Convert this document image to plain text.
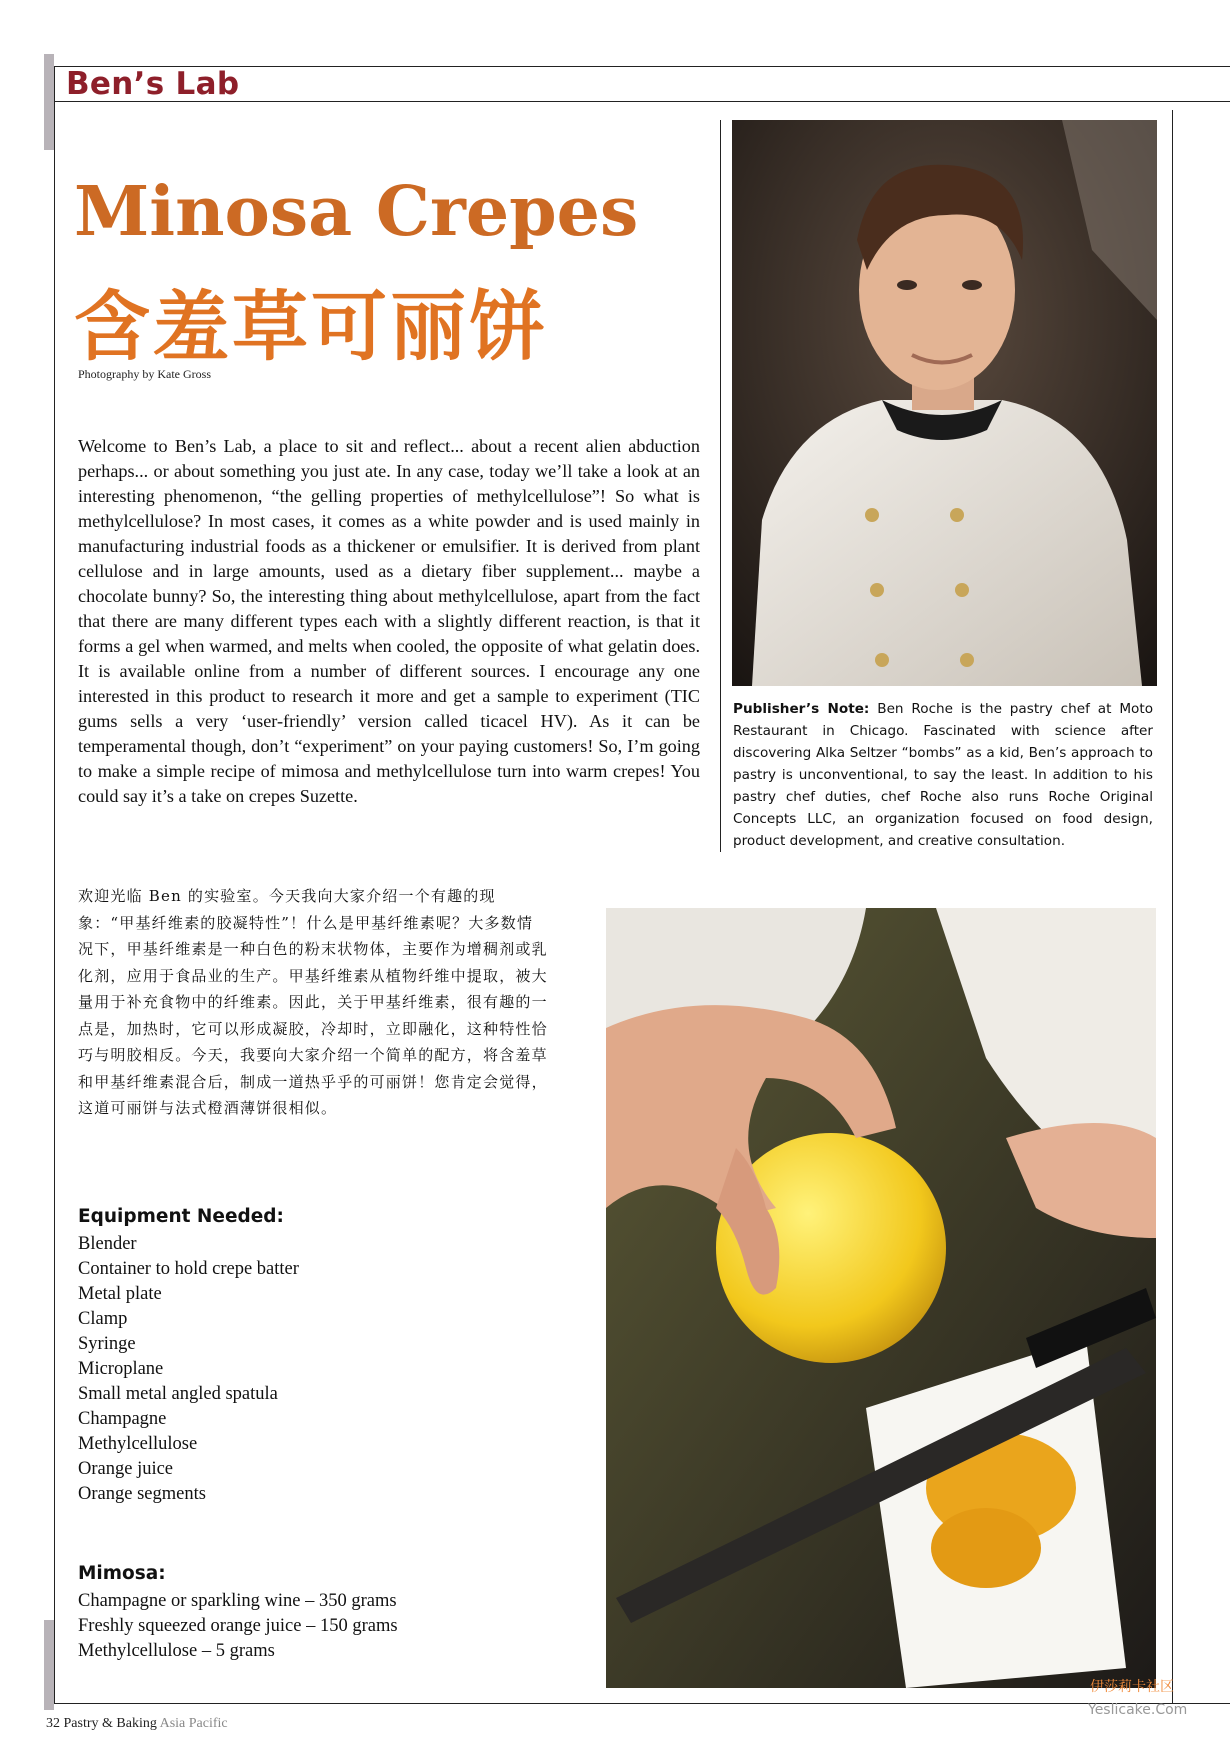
Ben’s Lab
Minosa Crepes
含羞草可丽饼
Photography by Kate Gross
Welcome to Ben’s Lab, a place to sit and reflect... about a recent alien abduction perhaps... or about something you just ate. In any case, today we’ll take a look at an interesting phenomenon, “the gelling properties of methylcellulose”! So what is methylcellulose? In most cases, it comes as a white powder and is used mainly in manufacturing industrial foods as a thickener or emulsifier. It is derived from plant cellulose and in large amounts, used as a dietary fiber supplement... maybe a chocolate bunny? So, the interesting thing about methylcellulose, apart from the fact that there are many different types each with a slightly different reaction, is that it forms a gel when warmed, and melts when cooled, the opposite of what gelatin does. It is available online from a number of different sources. I encourage any one interested in this product to research it more and get a sample to experiment (TIC gums sells a very ‘user-friendly’ version called ticacel HV). As it can be temperamental though, don’t “experiment” on your paying customers! So, I’m going to make a simple recipe of mimosa and methylcellulose turn into warm crepes! You could say it’s a take on crepes Suzette.
欢迎光临 Ben 的实验室。今天我向大家介绍一个有趣的现象：“甲基纤维素的胶凝特性”！什么是甲基纤维素呢？大多数情况下，甲基纤维素是一种白色的粉末状物体，主要作为增稠剂或乳化剂，应用于食品业的生产。甲基纤维素从植物纤维中提取，被大量用于补充食物中的纤维素。因此，关于甲基纤维素，很有趣的一点是，加热时，它可以形成凝胶，冷却时，立即融化，这种特性恰巧与明胶相反。今天，我要向大家介绍一个简单的配方，将含羞草和甲基纤维素混合后，制成一道热乎乎的可丽饼！您肯定会觉得，这道可丽饼与法式橙酒薄饼很相似。
Equipment Needed:
Blender
Container to hold crepe batter
Metal plate
Clamp
Syringe
Microplane
Small metal angled spatula
Champagne
Methylcellulose
Orange juice
Orange segments
Mimosa:
Champagne or sparkling wine – 350 grams
Freshly squeezed orange juice – 150 grams
Methylcellulose – 5 grams
Publisher’s Note: Ben Roche is the pastry chef at Moto Restaurant in Chicago. Fascinated with science after discovering Alka Seltzer “bombs” as a kid, Ben’s approach to pastry is unconventional, to say the least. In addition to his pastry chef duties, chef Roche also runs Roche Original Concepts LLC, an organization focused on food design, product development, and creative consultation.
32 Pastry & Baking Asia Pacific
伊莎莉卡社区
Yeslicake.Com
